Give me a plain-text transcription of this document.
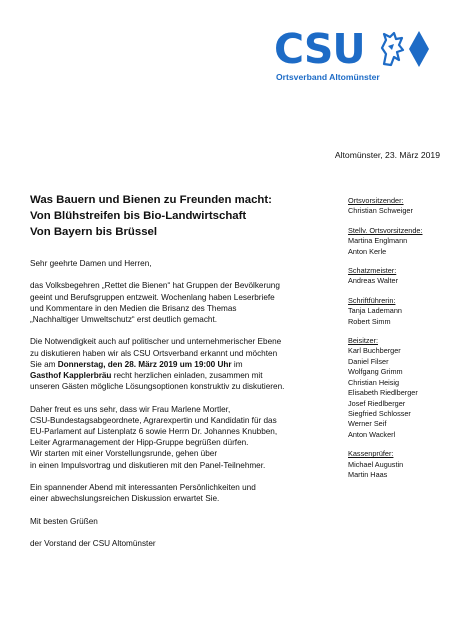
CSU
Ortsverband Altomünster
Altomünster, 23. März 2019
Was Bauern und Bienen zu Freunden macht:
Von Blühstreifen bis Bio-Landwirtschaft
Von Bayern bis Brüssel
Sehr geehrte Damen und Herren,
das Volksbegehren „Rettet die Bienen“ hat Gruppen der Bevölkerung
geeint und Berufsgruppen entzweit. Wochenlang haben Leserbriefe
und Kommentare in den Medien die Brisanz des Themas
„Nachhaltiger Umweltschutz“ erst deutlich gemacht.
Die Notwendigkeit auch auf politischer und unternehmerischer Ebene
zu diskutieren haben wir als CSU Ortsverband erkannt und möchten
Sie am Donnerstag, den 28. März 2019 um 19:00 Uhr im
Gasthof Kapplerbräu recht herzlichen einladen, zusammen mit
unseren Gästen mögliche Lösungsoptionen konstruktiv zu diskutieren.
Daher freut es uns sehr, dass wir Frau Marlene Mortler,
CSU-Bundestagsabgeordnete, Agrarexpertin und Kandidatin für das
EU-Parlament auf Listenplatz 6 sowie Herrn Dr. Johannes Knubben,
Leiter Agrarmanagement der Hipp-Gruppe begrüßen dürfen.
Wir starten mit einer Vorstellungsrunde, gehen über
in einen Impulsvortrag und diskutieren mit den Panel-Teilnehmer.
Ein spannender Abend mit interessanten Persönlichkeiten und
einer abwechslungsreichen Diskussion erwartet Sie.
Mit besten Grüßen
der Vorstand der CSU Altomünster
Ortsvorsitzender:
Christian Schweiger
Stellv. Ortsvorsitzende:
Martina Englmann
Anton Kerle
Schatzmeister:
Andreas Walter
Schriftführerin:
Tanja Lademann
Robert Simm
Beisitzer:
Karl Buchberger
Daniel Filser
Wolfgang Grimm
Christian Heisig
Elisabeth Riedlberger
Josef Riedlberger
Siegfried Schlosser
Werner Seif
Anton Wackerl
Kassenprüfer:
Michael Augustin
Martin Haas
